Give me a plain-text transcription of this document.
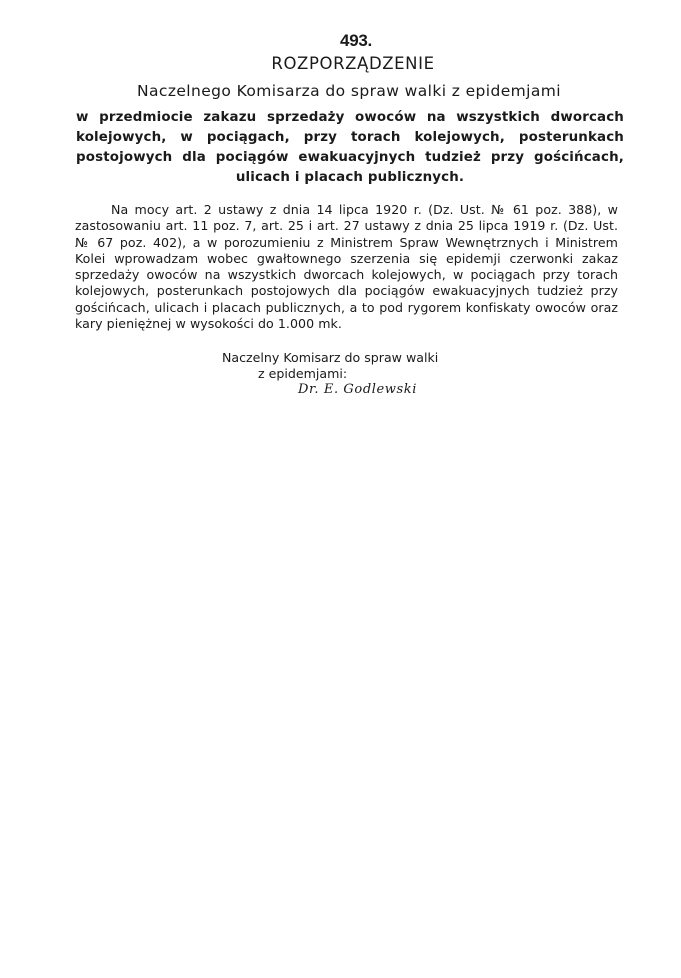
493.
ROZPORZĄDZENIE
Naczelnego Komisarza do spraw walki z epidemjami
w przedmiocie zakazu sprzedaży owoców na wszystkich dworcach kolejowych, w pociągach, przy torach kolejowych, posterunkach postojowych dla pociągów ewakuacyjnych tudzież przy gościńcach, ulicach i placach publicznych.
Na mocy art. 2 ustawy z dnia 14 lipca 1920 r. (Dz. Ust. № 61 poz. 388), w zastosowaniu art. 11 poz. 7, art. 25 i art. 27 ustawy z dnia 25 lipca 1919 r. (Dz. Ust. № 67 poz. 402), a w porozumieniu z Ministrem Spraw Wewnętrznych i Ministrem Kolei wprowadzam wobec gwałtownego szerzenia się epidemji czerwonki zakaz sprzedaży owoców na wszystkich dworcach kolejowych, w pociągach przy torach kolejowych, posterunkach postojowych dla pociągów ewakuacyjnych tudzież przy gościńcach, ulicach i placach publicznych, a to pod rygorem konfiskaty owoców oraz kary pieniężnej w wysokości do 1.000 mk.
Naczelny Komisarz do spraw walki
z epidemjami:
Dr. E. Godlewski
